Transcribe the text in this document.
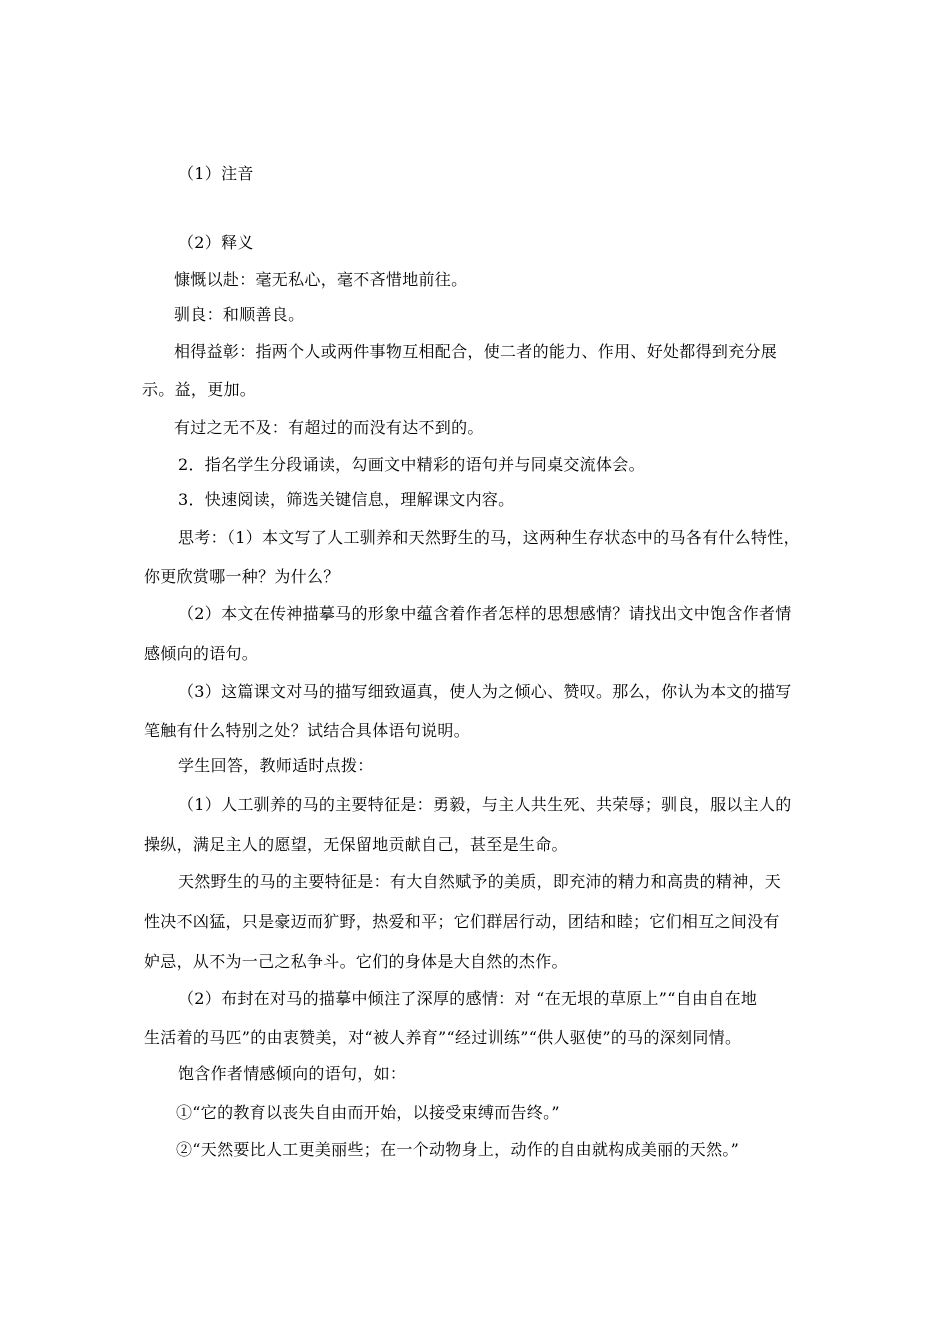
（1）注音
（2）释义
慷慨以赴：毫无私心，毫不吝惜地前往。
驯良：和顺善良。
相得益彰：指两个人或两件事物互相配合，使二者的能力、作用、好处都得到充分展
示。益，更加。
有过之无不及：有超过的而没有达不到的。
2．指名学生分段诵读，勾画文中精彩的语句并与同桌交流体会。
3．快速阅读，筛选关键信息，理解课文内容。
思考：（1）本文写了人工驯养和天然野生的马，这两种生存状态中的马各有什么特性，
你更欣赏哪一种？为什么？
（2）本文在传神描摹马的形象中蕴含着作者怎样的思想感情？请找出文中饱含作者情
感倾向的语句。
（3）这篇课文对马的描写细致逼真，使人为之倾心、赞叹。那么，你认为本文的描写
笔触有什么特别之处？试结合具体语句说明。
学生回答，教师适时点拨：
（1）人工驯养的马的主要特征是：勇毅，与主人共生死、共荣辱；驯良，服以主人的
操纵，满足主人的愿望，无保留地贡献自己，甚至是生命。
天然野生的马的主要特征是：有大自然赋予的美质，即充沛的精力和高贵的精神，天
性决不凶猛，只是豪迈而犷野，热爱和平；它们群居行动，团结和睦；它们相互之间没有
妒忌，从不为一己之私争斗。它们的身体是大自然的杰作。
（2）布封在对马的描摹中倾注了深厚的感情：对 “在无垠的草原上”“自由自在地
生活着的马匹”的由衷赞美，对“被人养育”“经过训练”“供人驱使”的马的深刻同情。
饱含作者情感倾向的语句，如：
①“它的教育以丧失自由而开始，以接受束缚而告终。”
②“天然要比人工更美丽些；在一个动物身上，动作的自由就构成美丽的天然。”
